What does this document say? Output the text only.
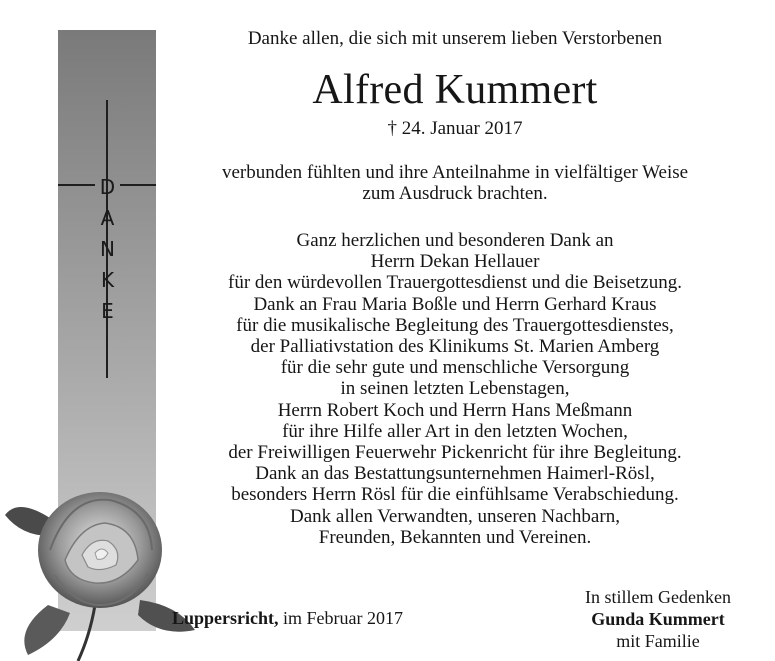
D
A
N
K
E
Danke allen, die sich mit unserem lieben Verstorbenen
Alfred Kummert
† 24. Januar 2017
verbunden fühlten und ihre Anteilnahme in vielfältiger Weise
zum Ausdruck brachten.
Ganz herzlichen und besonderen Dank an
Herrn Dekan Hellauer
für den würdevollen Trauergottesdienst und die Beisetzung.
Dank an Frau Maria Boßle und Herrn Gerhard Kraus
für die musikalische Begleitung des Trauergottesdienstes,
der Palliativstation des Klinikums St. Marien Amberg
für die sehr gute und menschliche Versorgung
in seinen letzten Lebenstagen,
Herrn Robert Koch und Herrn Hans Meßmann
für ihre Hilfe aller Art in den letzten Wochen,
der Freiwilligen Feuerwehr Pickenricht für ihre Begleitung.
Dank an das Bestattungsunternehmen Haimerl-Rösl,
besonders Herrn Rösl für die einfühlsame Verabschiedung.
Dank allen Verwandten, unseren Nachbarn,
Freunden, Bekannten und Vereinen.
Luppersricht, im Februar 2017
In stillem Gedenken
Gunda Kummert
mit Familie
